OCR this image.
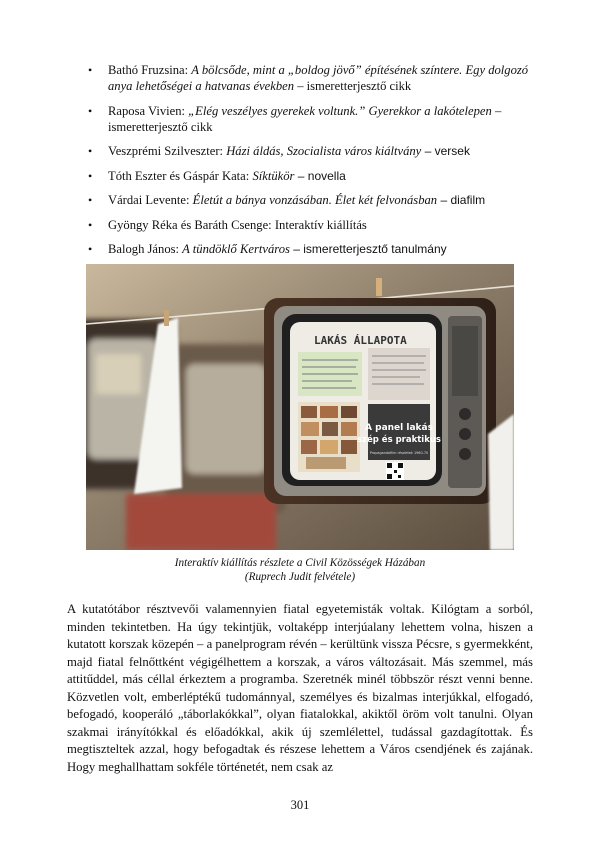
• Bathó Fruzsina: A bölcsőde, mint a „boldog jövő” építésének színtere. Egy dolgozó anya lehetőségei a hatvanas években – ismeretterjesztő cikk
• Raposa Vivien: „Elég veszélyes gyerekek voltunk.” Gyerekkor a lakótelepen – ismeretterjesztő cikk
• Veszprémi Szilveszter: Házi áldás, Szocialista város kiáltvány – versek
• Tóth Eszter és Gáspár Kata: Síktükör – novella
• Várdai Levente: Életút a bánya vonzásában. Élet két felvonásban – diafilm
• Gyöngy Réka és Baráth Csenge: Interaktív kiállítás
• Balogh János: A tündöklő Kertváros – ismeretterjesztő tanulmány
LAKÁS ÁLLAPOTA
A panel lakás
szép és praktikus
Propagandafilm részletek 1960-70
Interaktív kiállítás részlete a Civil Közösségek Házában
(Ruprech Judit felvétele)

A kutatótábor résztvevői valamennyien fiatal egyetemisták voltak. Kilógtam a sorból, minden tekintetben. Ha úgy tekintjük, voltaképp interjúalany lehettem volna, hiszen a kutatott korszak közepén – a panelprogram révén – kerültünk vissza Pécsre, s gyermekként, majd fiatal felnőttként végigélhettem a korszak, a város változásait. Más szemmel, más attitűddel, más céllal érkeztem a programba. Szeretnék minél többször részt venni benne. Közvetlen volt, emberléptékű tudománnyal, személyes és bizalmas interjúkkal, elfogadó, befogadó, kooperáló „táborlakókkal”, olyan fiatalokkal, akiktől öröm volt tanulni. Olyan szakmai irányítókkal és előadókkal, akik új szemlélettel, tudással gazdagítottak. És megtiszteltek azzal, hogy befogadtak és részese lehettem a Város csendjének és zajának. Hogy meghallhattam sokféle történetét, nem csak az

301
